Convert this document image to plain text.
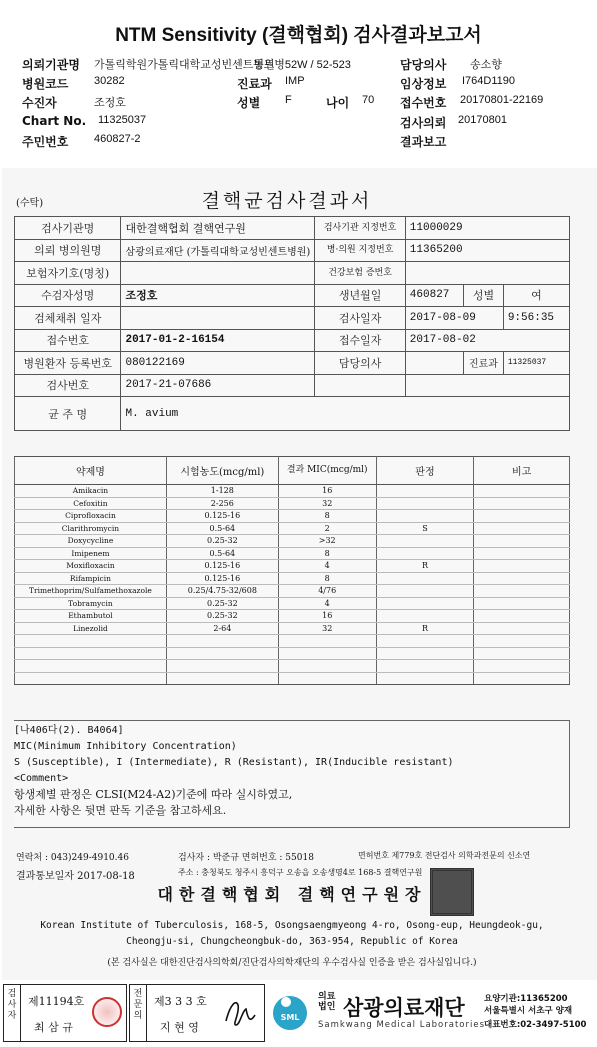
NTM Sensitivity (결핵협회) 검사결과보고서
의뢰기관명 가톨릭학원가톨릭대학교성빈센트병원
동트병52W / 52-523	담당의사 송소향
병원코드 30282	진료과 IMP	임상정보 I764D1190
수진자	조정호	성별 F	나이 70 접수번호 20170801-22169
Chart No. 11325037	검사의뢰 20170801
주민번호 460827-2	결과보고
(수탁)	결핵균검사결과서
검사기관명	대한결핵협회 결핵연구원	검사기관 지정번호	11000029		
의뢰 병의원명	삼광의료재단 (가톨릭대학교성빈센트병원)	병·의원 지정번호	11365200		
보험자기호(명칭)		건강보험 증번호			
수검자성명	조정호	생년월일	460827	성별	여
검체채취 일자		검사일자	2017-08-09		9:56:35
접수번호	2017-01-2-16154	접수일자	2017-08-02		
병원환자 등록번호	080122169	담당의사		진료과	11325037
검사번호	2017-21-07686				
균 주 명	M. avium				
약제명	시험농도(mcg/ml)	결과 MIC(mcg/ml)	판정	비고
Amikacin	1-128	16		
Cefoxitin	2-256	32		
Ciprofloxacin	0.125-16	8		
Clarithromycin	0.5-64	2	S	
Doxycycline	0.25-32	>32		
Imipenem	0.5-64	8		
Moxifloxacin	0.125-16	4	R	
Rifampicin	0.125-16	8		
Trimethoprim/Sulfamethoxazole	0.25/4.75-32/608	4/76		
Tobramycin	0.25-32	4		
Ethambutol	0.25-32	16		
Linezolid	2-64	32	R	

[나406다(2). B4064]
MIC(Minimum Inhibitory Concentration)
S (Susceptible), I (Intermediate), R (Resistant), IR(Inducible resistant)
<Comment>
항생제별 판정은 CLSI(M24-A2)기준에 따라 실시하였고,
자세한 사항은 뒷면 판독 기준을 참고하세요.
연락처 : 043)249-4910.46	검사자 : 박준규 면허번호 : 55018	면허번호 제779호 전단검사 의학과전문의 신소연
결과통보일자 2017-08-18	주소 : 충청북도 청주시 흥덕구 오송읍 오송생명4로 168-5 결핵연구원
대한결핵협회 결핵연구원장
Korean Institute of Tuberculosis, 168-5, Osongsaengmyeong 4-ro, Osong-eup, Heungdeok-gu,
Cheongju-si, Chungcheongbuk-do, 363-954, Republic of Korea
(본 검사실은 대한진단검사의학회/진단검사의학재단의 우수검사실 인증을 받은 검사실입니다.)
검사자
제11194호
최 삼 규
전문의
제3 3 3 호
지 현 영
SML
의료 법인 삼광의료재단
Samkwang Medical Laboratories
요양기관:11365200
서울특별시 서초구 양재
대표번호:02-3497-5100
